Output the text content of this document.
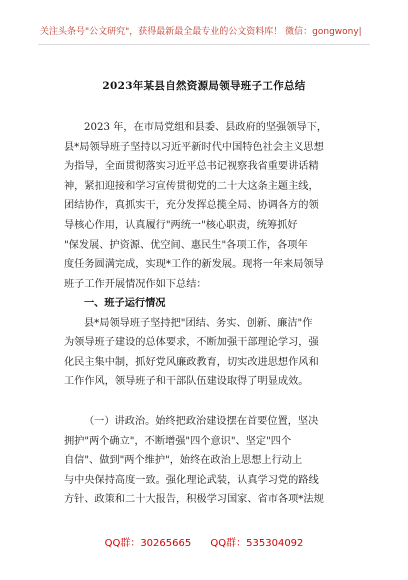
关注头条号"公文研究"，获得最新最全最专业的公文资料库！ 微信：gongwony|
2023年某县自然资源局领导班子工作总结
2023 年，在市局党组和县委、县政府的坚强领导下，
县*局领导班子坚持以习近平新时代中国特色社会主义思想
为指导，全面贯彻落实习近平总书记视察我省重要讲话精
神，紧扣迎接和学习宣传贯彻党的二十大这条主题主线，
团结协作，真抓实干，充分发挥总揽全局、协调各方的领
导核心作用，认真履行"两统一"核心职责，统筹抓好
"保发展、护资源、优空间、惠民生"各项工作，各项年
度任务圆满完成，实现*工作的新发展。现将一年来局领导
班子工作开展情况作如下总结：
一、班子运行情况
县*局领导班子坚持把"团结、务实、创新、廉洁"作
为领导班子建设的总体要求，不断加强干部理论学习，强
化民主集中制，抓好党风廉政教育，切实改进思想作风和
工作作风，领导班子和干部队伍建设取得了明显成效。
（一）讲政治。始终把政治建设摆在首要位置，坚决
拥护"两个确立"，不断增强"四个意识"、坚定"四个
自信"、做到"两个维护"，始终在政治上思想上行动上
与中央保持高度一致。强化理论武装，认真学习党的路线
方针、政策和二十大报告，积极学习国家、省市各项*法规
QQ群：30265665 QQ群：535304092
